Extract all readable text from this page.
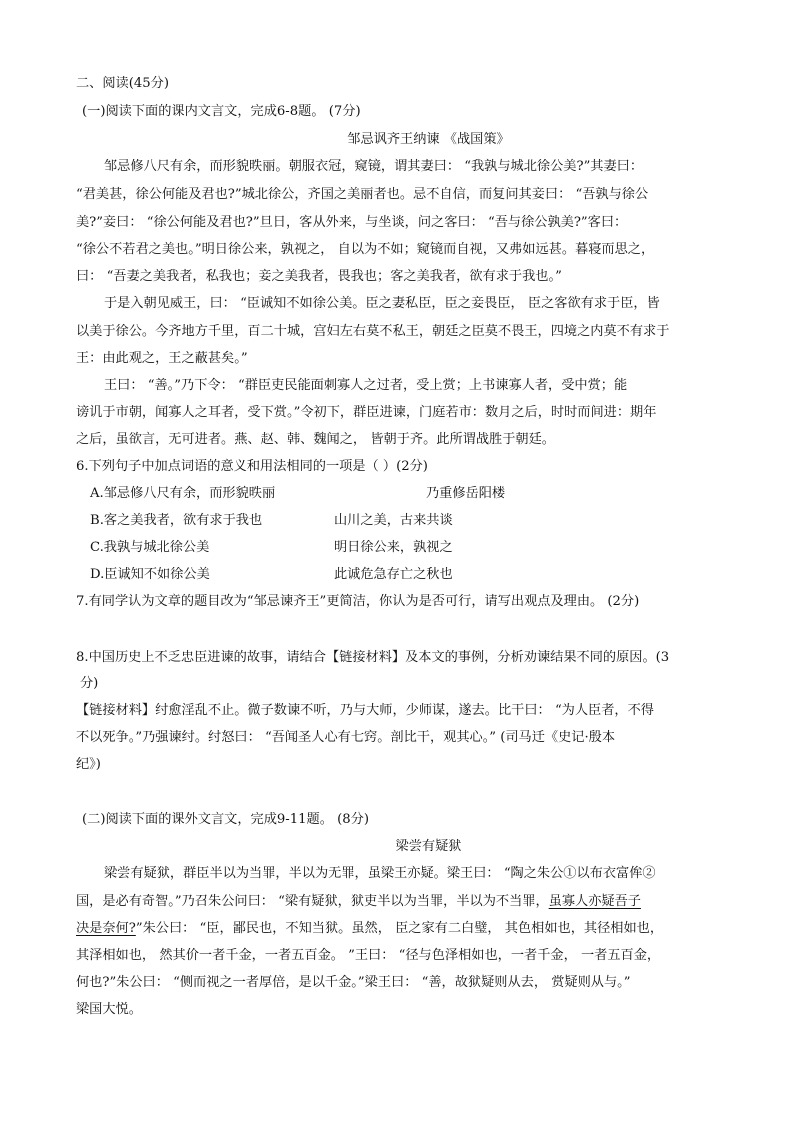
二、阅读(45分)
(一)阅读下面的课内文言文，完成6-8题。 (7分)
邹忌讽齐王纳谏 《战国策》
邹忌修八尺有余，而形貌昳丽。朝服衣冠，窥镜，谓其妻曰： “我孰与城北徐公美?”其妻曰：
“君美甚，徐公何能及君也?”城北徐公，齐国之美丽者也。忌不自信，而复问其妾曰： “吾孰与徐公
美?”妾曰： “徐公何能及君也?”旦日，客从外来，与坐谈，问之客曰： “吾与徐公孰美?”客曰：
“徐公不若君之美也。”明日徐公来，孰视之， 自以为不如；窥镜而自视，又弗如远甚。暮寝而思之，
曰： “吾妻之美我者，私我也；妾之美我者，畏我也；客之美我者，欲有求于我也。”
于是入朝见威王，曰： “臣诚知不如徐公美。臣之妻私臣，臣之妾畏臣， 臣之客欲有求于臣，皆
以美于徐公。今齐地方千里，百二十城，宫妇左右莫不私王，朝廷之臣莫不畏王，四境之内莫不有求于
王：由此观之，王之蔽甚矣。”
王曰： “善。”乃下令： “群臣吏民能面刺寡人之过者，受上赏；上书谏寡人者，受中赏；能
谤讥于市朝，闻寡人之耳者，受下赏。”令初下，群臣进谏，门庭若市：数月之后，时时而间进：期年
之后，虽欲言，无可进者。燕、赵、韩、魏闻之， 皆朝于齐。此所谓战胜于朝廷。
6.下列句子中加点词语的意义和用法相同的一项是（ ）(2分)
A.邹忌修八尺有余，而形貌昳丽	乃重修岳阳楼
B.客之美我者，欲有求于我也	山川之美，古来共谈
C.我孰与城北徐公美	明日徐公来，孰视之
D.臣诚知不如徐公美	此诚危急存亡之秋也
7.有同学认为文章的题目改为“邹忌谏齐王”更简洁，你认为是否可行，请写出观点及理由。 (2分)
8.中国历史上不乏忠臣进谏的故事，请结合【链接材料】及本文的事例，分析劝谏结果不同的原因。(3
分)
【链接材料】纣愈淫乱不止。微子数谏不听，乃与大师，少师谋，遂去。比干曰： “为人臣者，不得
不以死争。”乃强谏纣。纣怒曰： “吾闻圣人心有七窍。剖比干，观其心。” (司马迁《史记·殷本
纪》)
(二)阅读下面的课外文言文，完成9-11题。 (8分)
梁尝有疑狱
梁尝有疑狱，群臣半以为当罪，半以为无罪，虽梁王亦疑。梁王曰： “陶之朱公①以布衣富侔②
国，是必有奇智。”乃召朱公问曰： “梁有疑狱，狱吏半以为当罪，半以为不当罪，虽寡人亦疑吾子
决是奈何?”朱公曰： “臣，鄙民也，不知当狱。虽然， 臣之家有二白璧， 其色相如也，其径相如也，
其泽相如也， 然其价一者千金，一者五百金。 ”王曰： “径与色泽相如也，一者千金， 一者五百金，
何也?”朱公曰： “侧而视之一者厚倍，是以千金。”梁王曰： “善，故狱疑则从去， 赏疑则从与。”
梁国大悦。
